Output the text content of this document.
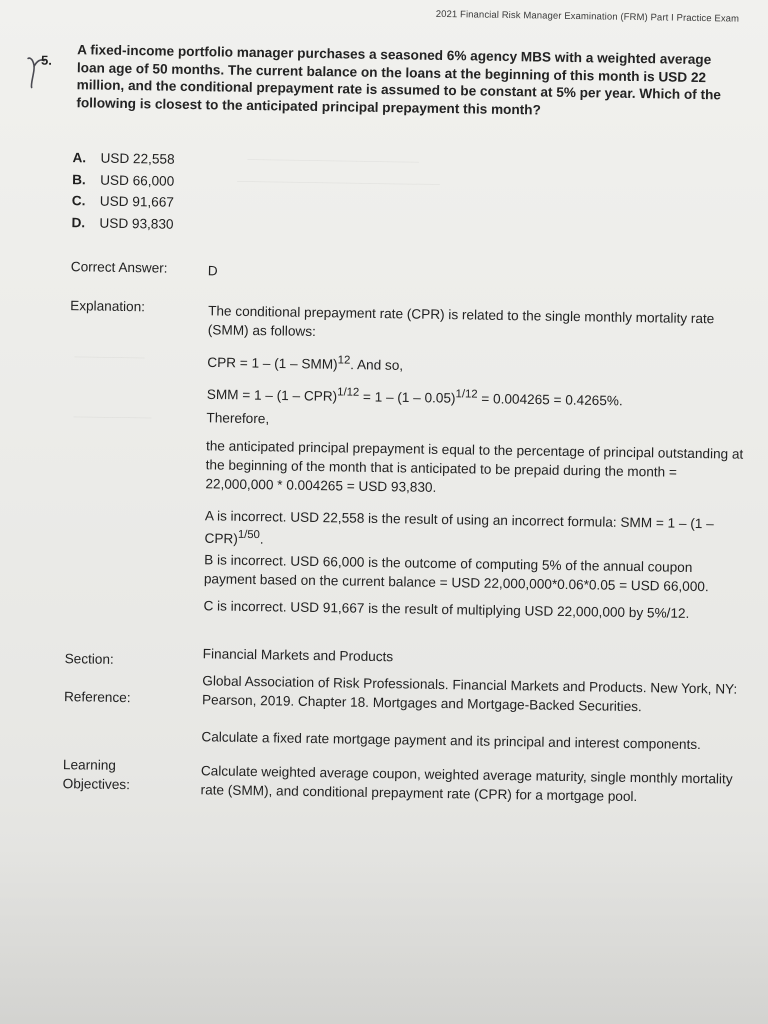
──────────────────────
──────────────────────────
─────────
──────────
2021 Financial Risk Manager Examination (FRM) Part I Practice Exam
5. A fixed-income portfolio manager purchases a seasoned 6% agency MBS with a weighted average loan age of 50 months. The current balance on the loans at the beginning of this month is USD 22 million, and the conditional prepayment rate is assumed to be constant at 5% per year. Which of the following is closest to the anticipated principal prepayment this month?

A. USD 22,558
B. USD 66,000
C. USD 91,667
D. USD 93,830
Correct Answer:	D
Explanation:	The conditional prepayment rate (CPR) is related to the single monthly mortality rate (SMM) as follows:

CPR = 1 – (1 – SMM)$^{12}$. And so,

SMM = 1 – (1 – CPR)$^{1/12}$ = 1 – (1 – 0.05)$^{1/12}$ = 0.004265 = 0.4265%.

Therefore,

the anticipated principal prepayment is equal to the percentage of principal outstanding at the beginning of the month that is anticipated to be prepaid during the month = 22,000,000 * 0.004265 = USD 93,830.

A is incorrect. USD 22,558 is the result of using an incorrect formula: SMM = 1 – (1 – CPR)$^{1/50}$.

B is incorrect. USD 66,000 is the outcome of computing 5% of the annual coupon payment based on the current balance = USD 22,000,000*0.06*0.05 = USD 66,000.

C is incorrect. USD 91,667 is the result of multiplying USD 22,000,000 by 5%/12.

Section:	Financial Markets and Products

Reference:

Global Association of Risk Professionals. Financial Markets and Products. New York, NY: Pearson, 2019. Chapter 18. Mortgages and Mortgage-Backed Securities.

Learning
Objectives:

Calculate a fixed rate mortgage payment and its principal and interest components.

Calculate weighted average coupon, weighted average maturity, single monthly mortality rate (SMM), and conditional prepayment rate (CPR) for a mortgage pool.
